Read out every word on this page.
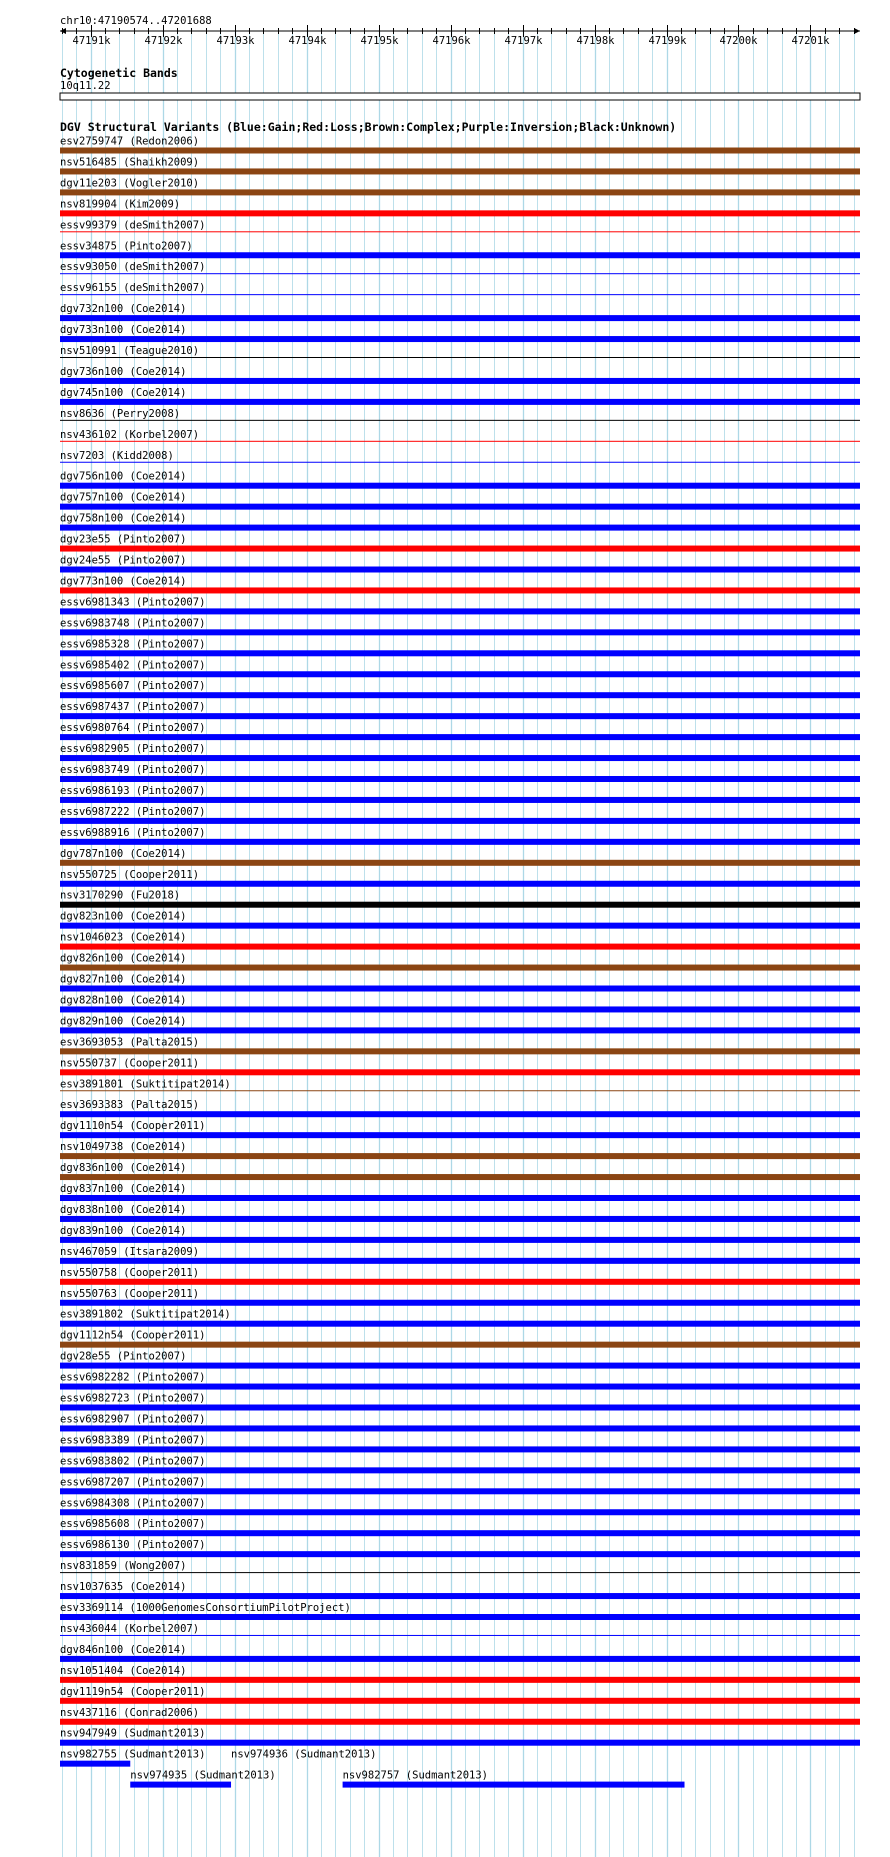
chr10:47190574..47201688
47191k	47192k	47193k	47194k	47195k	47196k	47197k	47198k	47199k	47200k	47201k
Cytogenetic Bands
10q11.22
DGV Structural Variants (Blue:Gain;Red:Loss;Brown:Complex;Purple:Inversion;Black:Unknown)
esv2759747 (Redon2006)
nsv516485 (Shaikh2009)
dgv11e203 (Vogler2010)
nsv819904 (Kim2009)
essv99379 (deSmith2007)
essv34875 (Pinto2007)
essv93050 (deSmith2007)
essv96155 (deSmith2007)
dgv732n100 (Coe2014)
dgv733n100 (Coe2014)
nsv510991 (Teague2010)
dgv736n100 (Coe2014)
dgv745n100 (Coe2014)
nsv8636 (Perry2008)
nsv436102 (Korbel2007)
nsv7203 (Kidd2008)
dgv756n100 (Coe2014)
dgv757n100 (Coe2014)
dgv758n100 (Coe2014)
dgv23e55 (Pinto2007)
dgv24e55 (Pinto2007)
dgv773n100 (Coe2014)
essv6981343 (Pinto2007)
essv6983748 (Pinto2007)
essv6985328 (Pinto2007)
essv6985402 (Pinto2007)
essv6985607 (Pinto2007)
essv6987437 (Pinto2007)
essv6980764 (Pinto2007)
essv6982905 (Pinto2007)
essv6983749 (Pinto2007)
essv6986193 (Pinto2007)
essv6987222 (Pinto2007)
essv6988916 (Pinto2007)
dgv787n100 (Coe2014)
nsv550725 (Cooper2011)
nsv3170290 (Fu2018)
dgv823n100 (Coe2014)
nsv1046023 (Coe2014)
dgv826n100 (Coe2014)
dgv827n100 (Coe2014)
dgv828n100 (Coe2014)
dgv829n100 (Coe2014)
esv3693053 (Palta2015)
nsv550737 (Cooper2011)
esv3891801 (Suktitipat2014)
esv3693383 (Palta2015)
dgv1110n54 (Cooper2011)
nsv1049738 (Coe2014)
dgv836n100 (Coe2014)
dgv837n100 (Coe2014)
dgv838n100 (Coe2014)
dgv839n100 (Coe2014)
nsv467059 (Itsara2009)
nsv550758 (Cooper2011)
nsv550763 (Cooper2011)
esv3891802 (Suktitipat2014)
dgv1112n54 (Cooper2011)
dgv28e55 (Pinto2007)
essv6982282 (Pinto2007)
essv6982723 (Pinto2007)
essv6982907 (Pinto2007)
essv6983389 (Pinto2007)
essv6983802 (Pinto2007)
essv6987207 (Pinto2007)
essv6984308 (Pinto2007)
essv6985608 (Pinto2007)
essv6986130 (Pinto2007)
nsv831859 (Wong2007)
nsv1037635 (Coe2014)
esv3369114 (1000GenomesConsortiumPilotProject)
nsv436044 (Korbel2007)
dgv846n100 (Coe2014)
nsv1051404 (Coe2014)
dgv1119n54 (Cooper2011)
nsv437116 (Conrad2006)
nsv947949 (Sudmant2013)
nsv982755 (Sudmant2013) nsv974936 (Sudmant2013)
nsv974935 (Sudmant2013)	nsv982757 (Sudmant2013)
